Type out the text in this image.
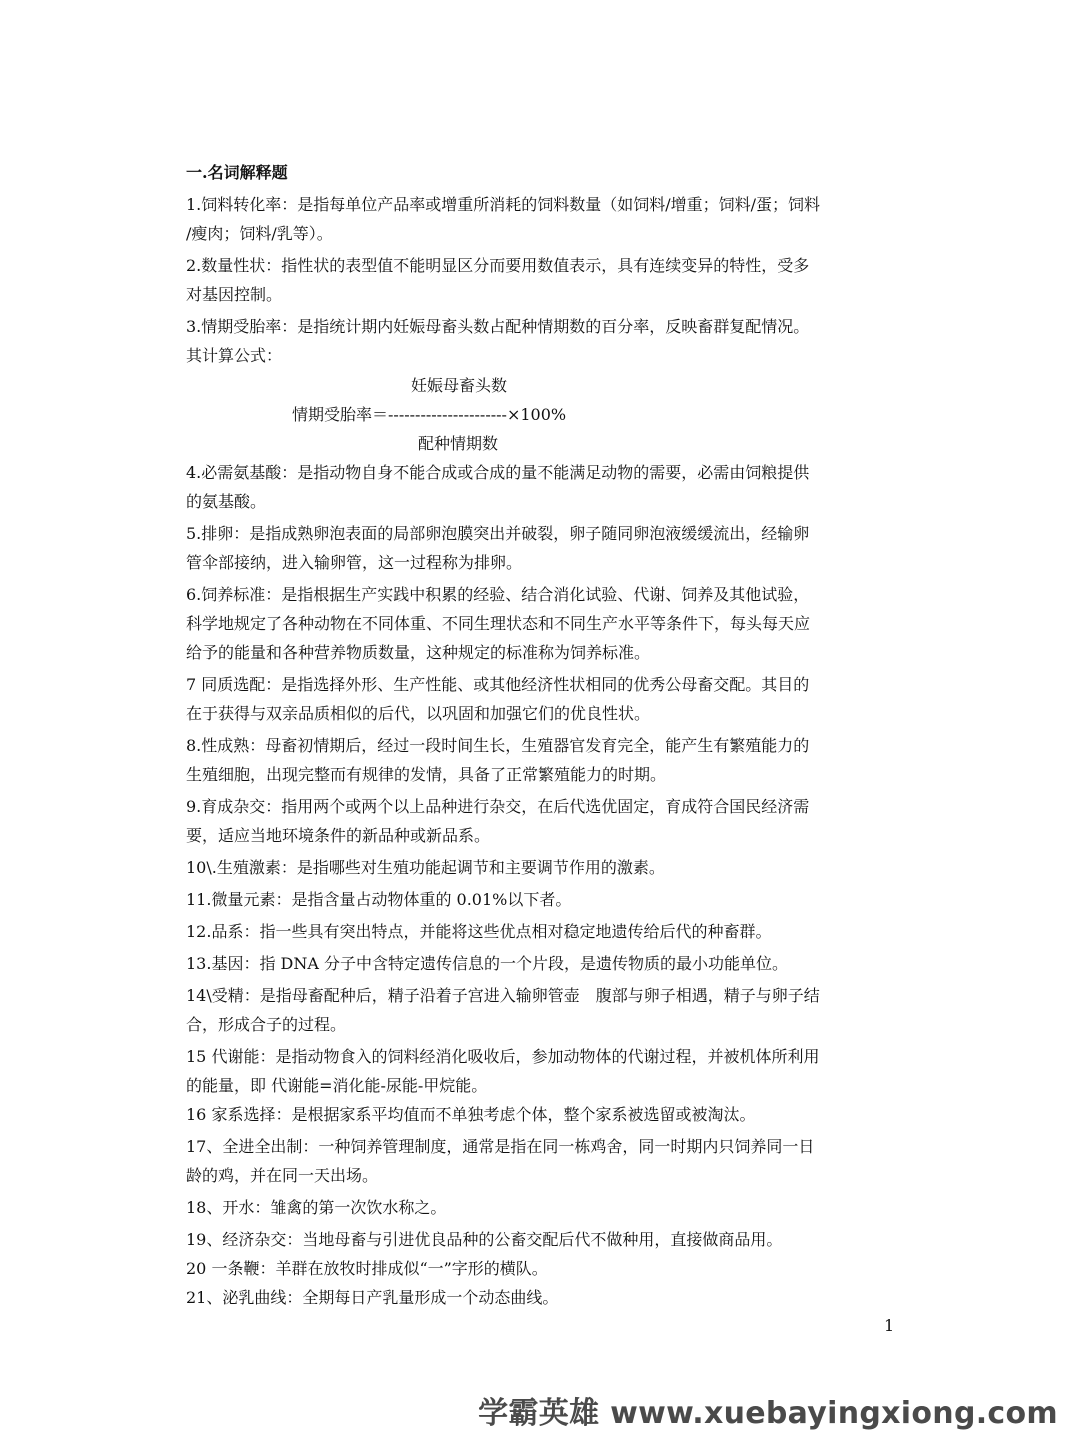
一.名词解释题
1.饲料转化率：是指每单位产品率或增重所消耗的饲料数量（如饲料/增重；饲料/蛋；饲料
/瘦肉；饲料/乳等）。
2.数量性状：指性状的表型值不能明显区分而要用数值表示，具有连续变异的特性，受多
对基因控制。
3.情期受胎率：是指统计期内妊娠母畜头数占配种情期数的百分率，反映畜群复配情况。
其计算公式：
妊娠母畜头数
情期受胎率＝----------------------×100%
配种情期数
4.必需氨基酸：是指动物自身不能合成或合成的量不能满足动物的需要，必需由饲粮提供
的氨基酸。
5.排卵：是指成熟卵泡表面的局部卵泡膜突出并破裂，卵子随同卵泡液缓缓流出，经输卵
管伞部接纳，进入输卵管，这一过程称为排卵。
6.饲养标准：是指根据生产实践中积累的经验、结合消化试验、代谢、饲养及其他试验，
科学地规定了各种动物在不同体重、不同生理状态和不同生产水平等条件下，每头每天应
给予的能量和各种营养物质数量，这种规定的标准称为饲养标准。
7 同质选配：是指选择外形、生产性能、或其他经济性状相同的优秀公母畜交配。其目的
在于获得与双亲品质相似的后代，以巩固和加强它们的优良性状。
8.性成熟：母畜初情期后，经过一段时间生长，生殖器官发育完全，能产生有繁殖能力的
生殖细胞，出现完整而有规律的发情，具备了正常繁殖能力的时期。
9.育成杂交：指用两个或两个以上品种进行杂交，在后代选优固定，育成符合国民经济需
要，适应当地环境条件的新品种或新品系。
10\.生殖激素：是指哪些对生殖功能起调节和主要调节作用的激素。
11.微量元素：是指含量占动物体重的 0.01%以下者。
12.品系：指一些具有突出特点，并能将这些优点相对稳定地遗传给后代的种畜群。
13.基因：指 DNA 分子中含特定遗传信息的一个片段，是遗传物质的最小功能单位。
14\受精：是指母畜配种后，精子沿着子宫进入输卵管壶　腹部与卵子相遇，精子与卵子结
合，形成合子的过程。
15 代谢能：是指动物食入的饲料经消化吸收后，参加动物体的代谢过程，并被机体所利用
的能量，即 代谢能=消化能-尿能-甲烷能。
16 家系选择：是根据家系平均值而不单独考虑个体，整个家系被选留或被淘汰。
17、全进全出制：一种饲养管理制度，通常是指在同一栋鸡舍，同一时期内只饲养同一日
龄的鸡，并在同一天出场。
18、开水：雏禽的第一次饮水称之。
19、经济杂交：当地母畜与引进优良品种的公畜交配后代不做种用，直接做商品用。
20 一条鞭：羊群在放牧时排成似“一”字形的横队。
21、泌乳曲线：全期每日产乳量形成一个动态曲线。
1
学霸英雄 www.xuebayingxiong.com
